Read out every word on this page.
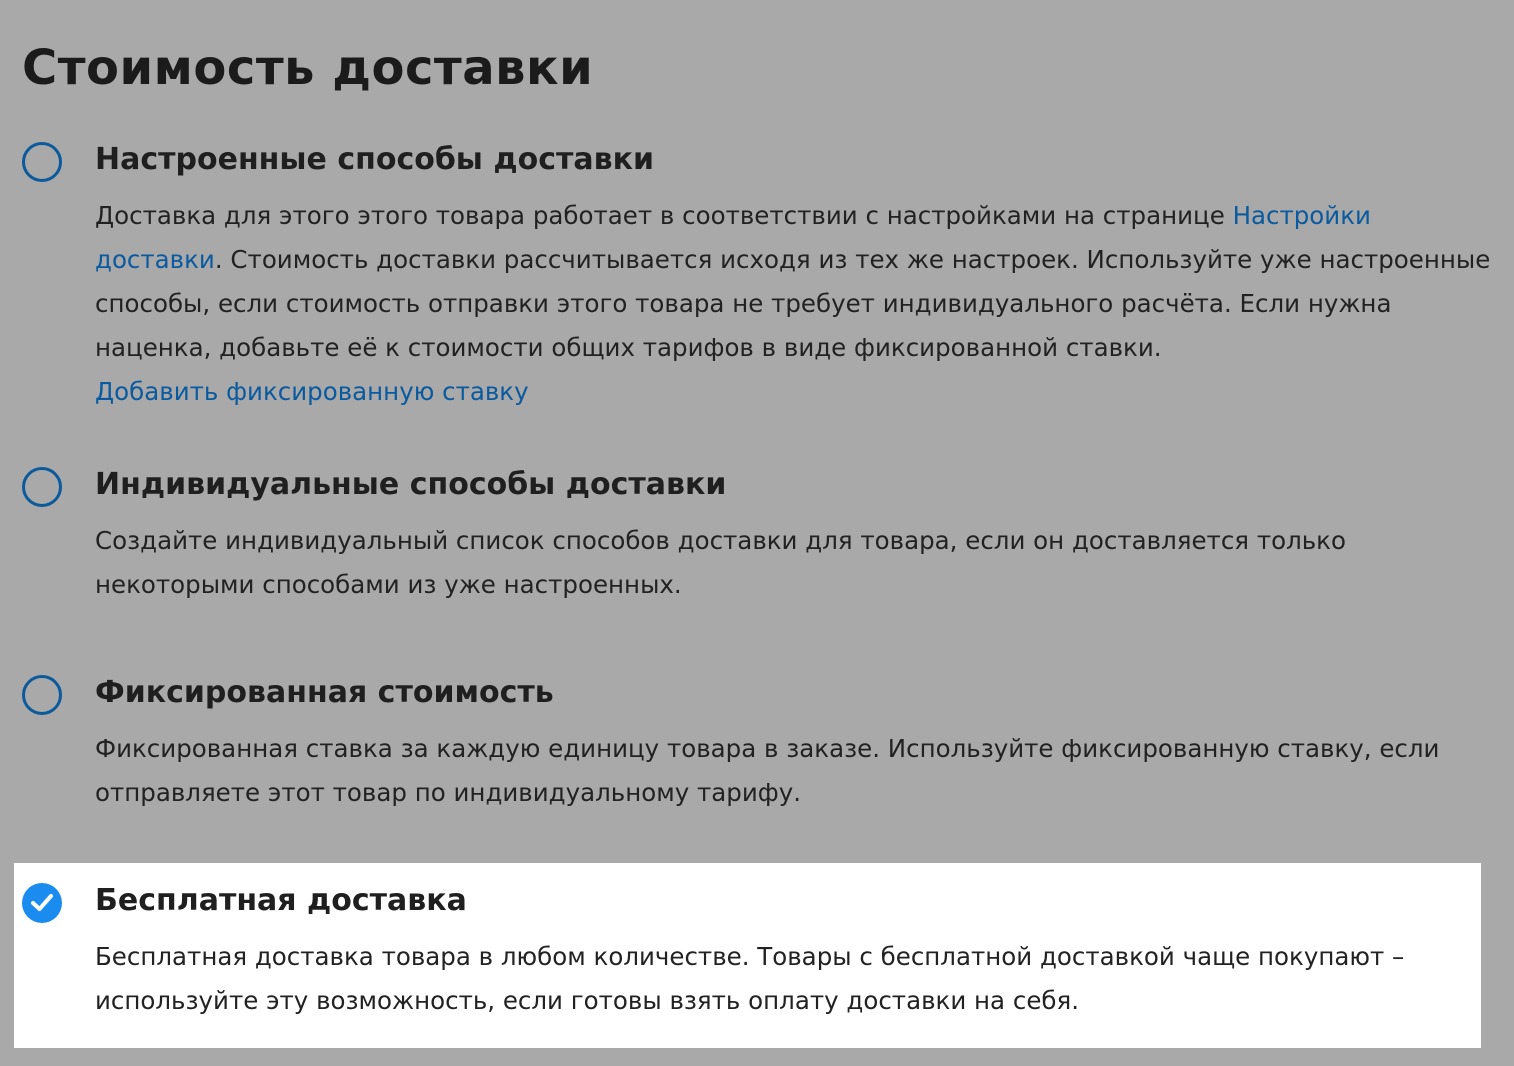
Стоимость доставки
Настроенные способы доставки

Доставка для этого этого товара работает в соответствии с настройками на странице Настройки доставки. Стоимость доставки рассчитывается исходя из тех же настроек. Используйте уже настроенные способы, если стоимость отправки этого товара не требует индивидуального расчёта. Если нужна наценка, добавьте её к стоимости общих тарифов в виде фиксированной ставки.
Добавить фиксированную ставку

Индивидуальные способы доставки

Создайте индивидуальный список способов доставки для товара, если он доставляется только некоторыми способами из уже настроенных.

Фиксированная стоимость

Фиксированная ставка за каждую единицу товара в заказе. Используйте фиксированную ставку, если отправляете этот товар по индивидуальному тарифу.

Бесплатная доставка

Бесплатная доставка товара в любом количестве. Товары с бесплатной доставкой чаще покупают – используйте эту возможность, если готовы взять оплату доставки на себя.
